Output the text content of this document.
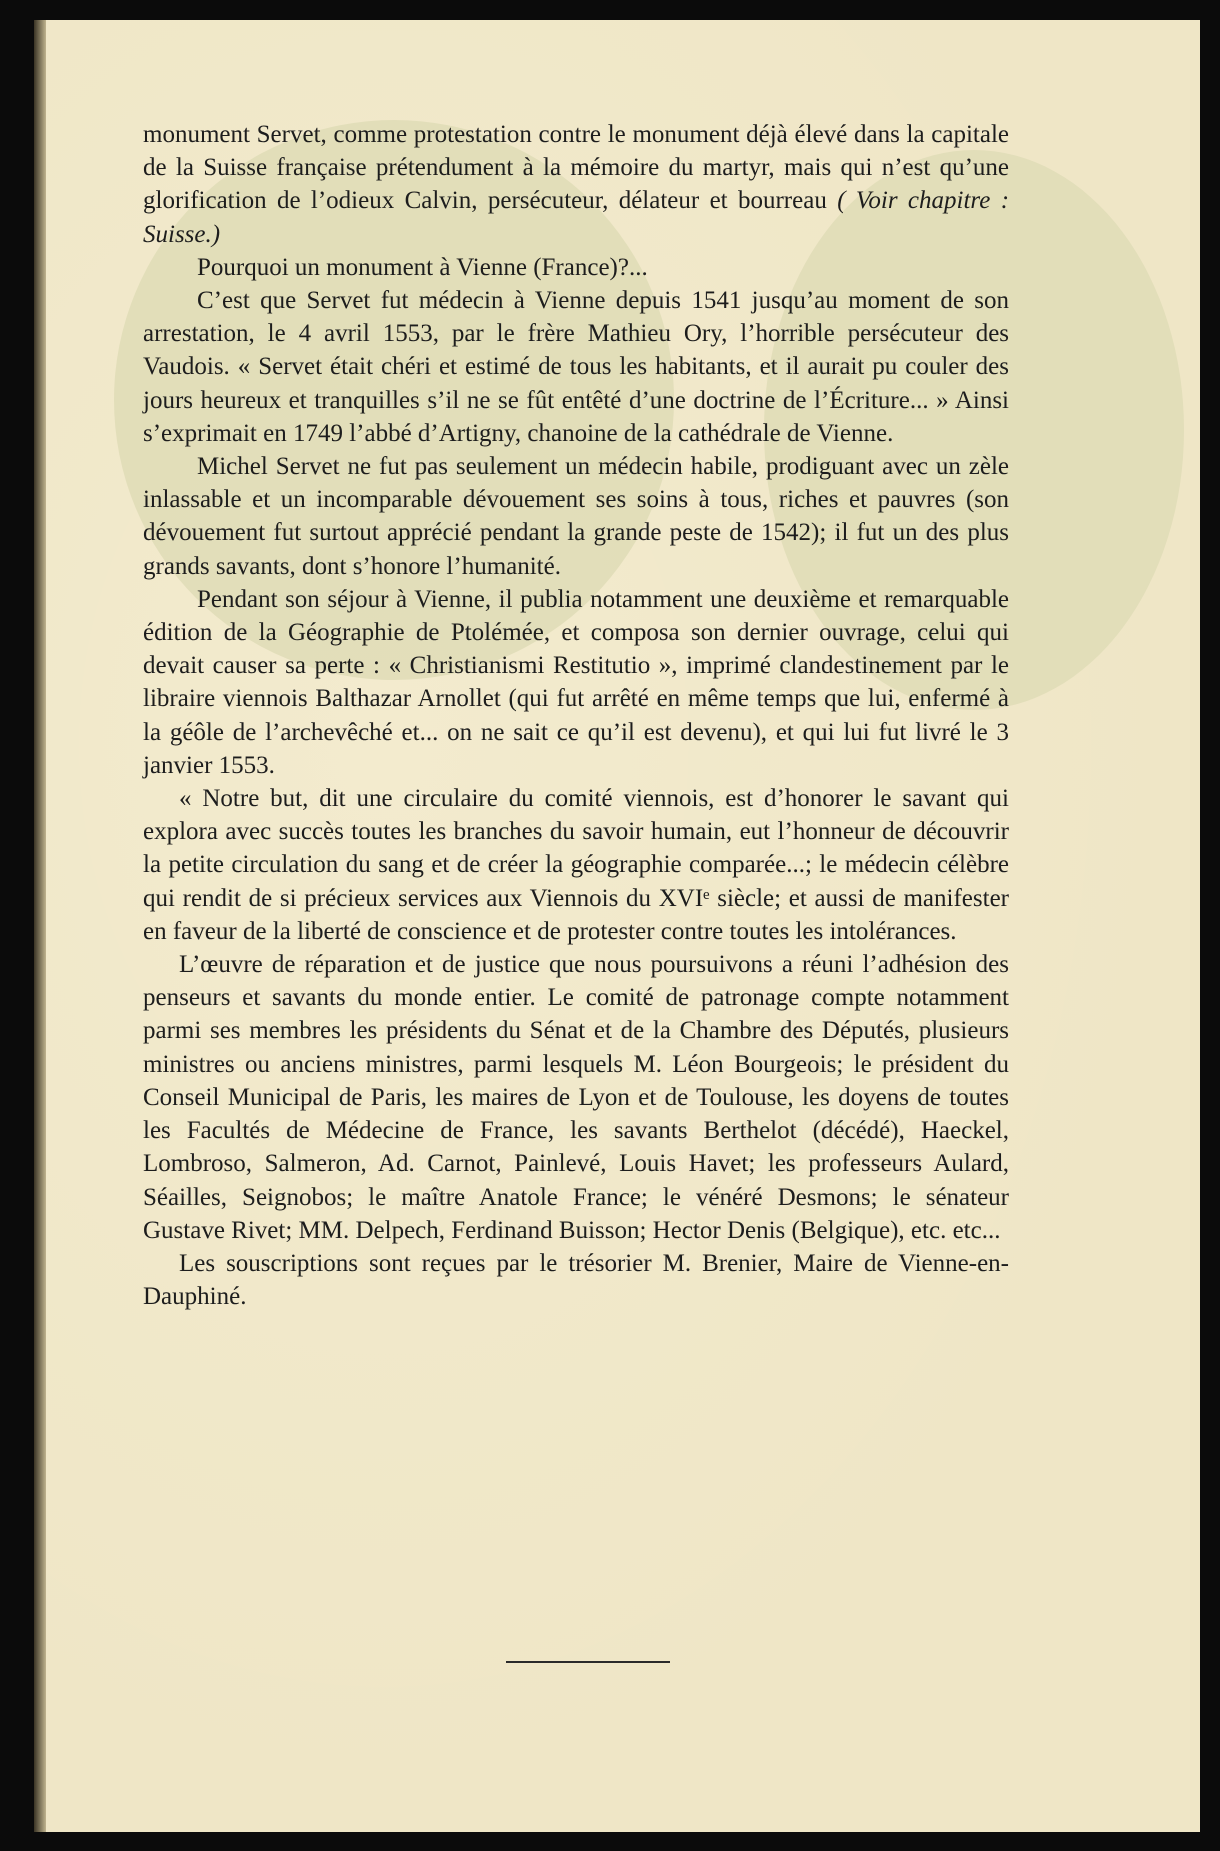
monument Servet, comme protestation contre le monument déjà élevé dans la capitale de la Suisse française prétendument à la mémoire du martyr, mais qui n’est qu’une glorification de l’odieux Calvin, persécuteur, délateur et bourreau ( Voir chapitre : Suisse.)

Pourquoi un monument à Vienne (France)?...

C’est que Servet fut médecin à Vienne depuis 1541 jusqu’au moment de son arrestation, le 4 avril 1553, par le frère Mathieu Ory, l’horrible persécuteur des Vaudois. « Servet était chéri et estimé de tous les habitants, et il aurait pu couler des jours heureux et tranquilles s’il ne se fût entêté d’une doctrine de l’Écriture... » Ainsi s’exprimait en 1749 l’abbé d’Artigny, chanoine de la cathédrale de Vienne.

Michel Servet ne fut pas seulement un médecin habile, prodiguant avec un zèle inlassable et un incomparable dévouement ses soins à tous, riches et pauvres (son dévouement fut surtout apprécié pendant la grande peste de 1542); il fut un des plus grands savants, dont s’honore l’humanité.

Pendant son séjour à Vienne, il publia notamment une deuxième et remarquable édition de la Géographie de Ptolémée, et composa son dernier ouvrage, celui qui devait causer sa perte : « Christianismi Restitutio », imprimé clandestinement par le libraire viennois Balthazar Arnollet (qui fut arrêté en même temps que lui, enfermé à la géôle de l’archevêché et... on ne sait ce qu’il est devenu), et qui lui fut livré le 3 janvier 1553.

« Notre but, dit une circulaire du comité viennois, est d’honorer le savant qui explora avec succès toutes les branches du savoir humain, eut l’honneur de découvrir la petite circulation du sang et de créer la géographie comparée...; le médecin célèbre qui rendit de si précieux services aux Viennois du XVIᵉ siècle; et aussi de manifester en faveur de la liberté de conscience et de protester contre toutes les intolérances.

L’œuvre de réparation et de justice que nous poursuivons a réuni l’adhésion des penseurs et savants du monde entier. Le comité de patronage compte notamment parmi ses membres les présidents du Sénat et de la Chambre des Députés, plusieurs ministres ou anciens ministres, parmi lesquels M. Léon Bourgeois; le président du Conseil Municipal de Paris, les maires de Lyon et de Toulouse, les doyens de toutes les Facultés de Médecine de France, les savants Berthelot (décédé), Haeckel, Lombroso, Salmeron, Ad. Carnot, Painlevé, Louis Havet; les professeurs Aulard, Séailles, Seignobos; le maître Anatole France; le vénéré Desmons; le sénateur Gustave Rivet; MM. Delpech, Ferdinand Buisson; Hector Denis (Belgique), etc. etc...

Les souscriptions sont reçues par le trésorier M. Brenier, Maire de Vienne-en-Dauphiné.
